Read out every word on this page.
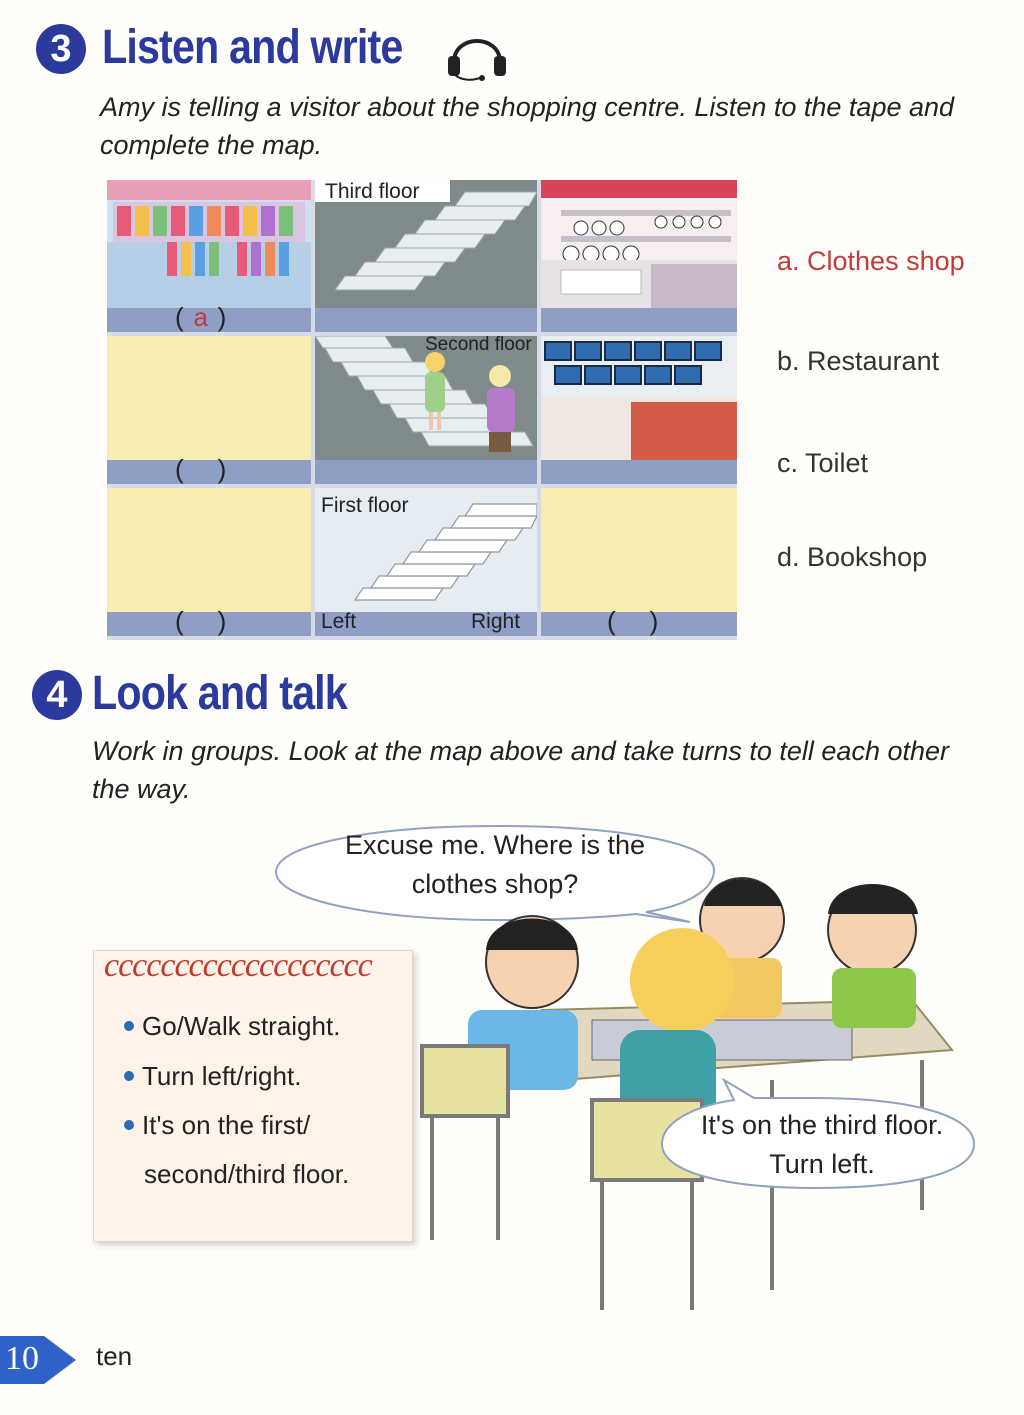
3 Listen and write
Amy is telling a visitor about the shopping centre. Listen to the tape and complete the map.
Third floor
Second floor
First floor
Left	Right
( a )
( )
( )	( )
a. Clothes shop
b. Restaurant
c. Toilet
d. Bookshop
4 Look and talk
Work in groups. Look at the map above and take turns to tell each other the way.
Excuse me. Where is the
clothes shop?
ccccccccccccccccccc
Go/Walk straight.
Turn left/right.
It's on the first/
second/third floor.
It's on the third floor.
Turn left.
10 ten
